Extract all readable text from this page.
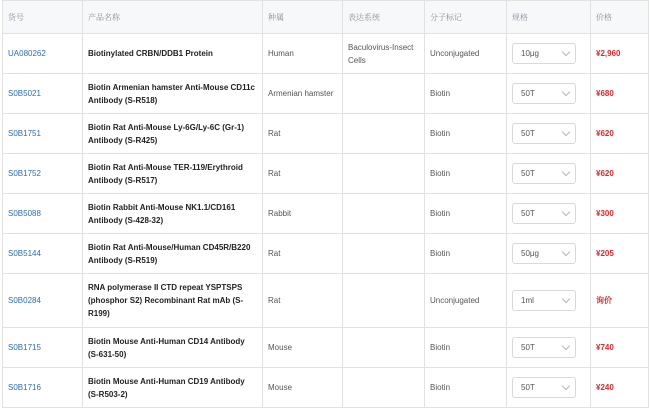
货号	产品名称	种属	表达系统	分子标记	规格	价格
UA080262	Biotinylated CRBN/DDB1 Protein	Human	Baculovirus-Insect Cells	Unconjugated	10μg	¥2,960
S0B5021	Biotin Armenian hamster Anti-Mouse CD11c Antibody (S-R518)	Armenian hamster		Biotin	50T	¥680
S0B1751	Biotin Rat Anti-Mouse Ly-6G/Ly-6C (Gr-1) Antibody (S-R425)	Rat		Biotin	50T	¥620
S0B1752	Biotin Rat Anti-Mouse TER-119/Erythroid Antibody (S-R517)	Rat		Biotin	50T	¥620
S0B5088	Biotin Rabbit Anti-Mouse NK1.1/CD161 Antibody (S-428-32)	Rabbit		Biotin	50T	¥300
S0B5144	Biotin Rat Anti-Mouse/Human CD45R/B220 Antibody (S-R519)	Rat		Biotin	50μg	¥205
S0B0284	RNA polymerase II CTD repeat YSPTSPS (phosphor S2) Recombinant Rat mAb (S-R199)	Rat		Unconjugated	1ml	询价
S0B1715	Biotin Mouse Anti-Human CD14 Antibody (S-631-50)	Mouse		Biotin	50T	¥740
S0B1716	Biotin Mouse Anti-Human CD19 Antibody (S-R503-2)	Mouse		Biotin	50T	¥240
